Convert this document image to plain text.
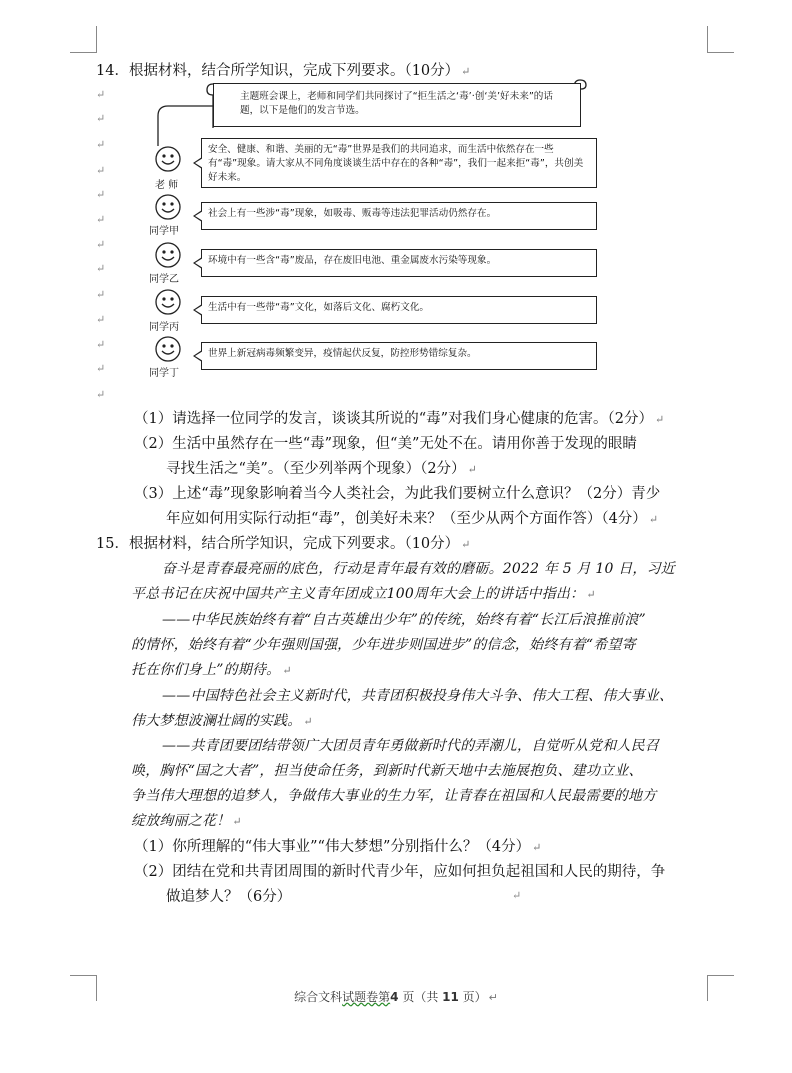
14．根据材料，结合所学知识，完成下列要求。（10分） ↵
↵
↵
↵
↵
↵
↵
↵
↵
↵
↵
↵
↵
↵
主题班会课上，老师和同学们共同探讨了“拒生活之‘毒’·创‘美’好未来”的话题，以下是他们的发言节选。
老 师
安全、健康、和谐、美丽的无“毒”世界是我们的共同追求，而生活中依然存在一些有“毒”现象。请大家从不同角度谈谈生活中存在的各种“毒”，我们一起来拒“毒”，共创美好未来。
同学甲
社会上有一些涉“毒”现象，如吸毒、贩毒等违法犯罪活动仍然存在。
同学乙
环境中有一些含“毒”废品，存在废旧电池、重金属废水污染等现象。
同学丙
生活中有一些带“毒”文化，如落后文化、腐朽文化。
同学丁
世界上新冠病毒频繁变异，疫情起伏反复，防控形势错综复杂。
（1）请选择一位同学的发言，谈谈其所说的“毒”对我们身心健康的危害。（2分） ↵
（2）生活中虽然存在一些“毒”现象，但“美”无处不在。请用你善于发现的眼睛
寻找生活之“美”。（至少列举两个现象）（2分） ↵
（3）上述“毒”现象影响着当今人类社会，为此我们要树立什么意识？（2分）青少
年应如何用实际行动拒“毒”，创美好未来？（至少从两个方面作答）（4分） ↵
15．根据材料，结合所学知识，完成下列要求。（10分） ↵
奋斗是青春最亮丽的底色，行动是青年最有效的磨砺。2022 年 5 月 10 日，习近
平总书记在庆祝中国共产主义青年团成立100周年大会上的讲话中指出： ↵
——中华民族始终有着“自古英雄出少年”的传统，始终有着“长江后浪推前浪”
的情怀，始终有着“少年强则国强，少年进步则国进步”的信念，始终有着“希望寄
托在你们身上”的期待。 ↵
——中国特色社会主义新时代，共青团积极投身伟大斗争、伟大工程、伟大事业、
伟大梦想波澜壮阔的实践。 ↵
——共青团要团结带领广大团员青年勇做新时代的弄潮儿，自觉听从党和人民召
唤，胸怀“国之大者”，担当使命任务，到新时代新天地中去施展抱负、建功立业、
争当伟大理想的追梦人，争做伟大事业的生力军，让青春在祖国和人民最需要的地方
绽放绚丽之花！ ↵
（1）你所理解的“伟大事业”“伟大梦想”分别指什么？（4分） ↵
（2）团结在党和共青团周围的新时代青少年，应如何担负起祖国和人民的期待，争
做追梦人？（6分）	↵
综合文科试题卷第4 页（共 11 页） ↵
